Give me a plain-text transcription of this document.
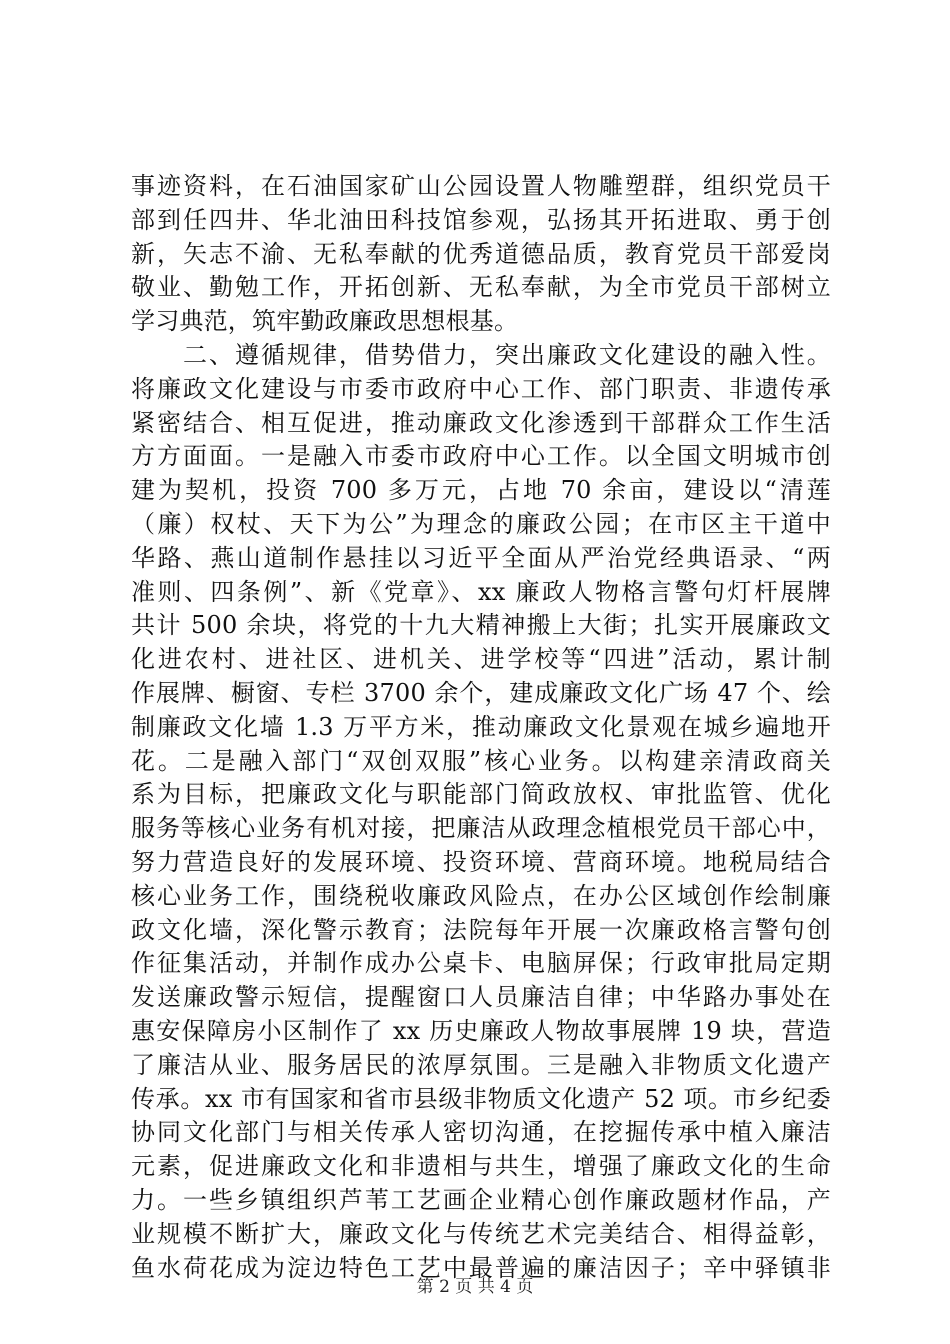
事迹资料，在石油国家矿山公园设置人物雕塑群，组织党员干
部到任四井、华北油田科技馆参观，弘扬其开拓进取、勇于创
新，矢志不渝、无私奉献的优秀道德品质，教育党员干部爱岗
敬业、勤勉工作，开拓创新、无私奉献，为全市党员干部树立
学习典范，筑牢勤政廉政思想根基。
　　二、遵循规律，借势借力，突出廉政文化建设的融入性。
将廉政文化建设与市委市政府中心工作、部门职责、非遗传承
紧密结合、相互促进，推动廉政文化渗透到干部群众工作生活
方方面面。一是融入市委市政府中心工作。以全国文明城市创
建为契机，投资 700 多万元，占地 70 余亩，建设以“清莲
（廉）权杖、天下为公”为理念的廉政公园；在市区主干道中
华路、燕山道制作悬挂以习近平全面从严治党经典语录、“两
准则、四条例”、新《党章》、xx 廉政人物格言警句灯杆展牌
共计 500 余块，将党的十九大精神搬上大街；扎实开展廉政文
化进农村、进社区、进机关、进学校等“四进”活动，累计制
作展牌、橱窗、专栏 3700 余个，建成廉政文化广场 47 个、绘
制廉政文化墙 1.3 万平方米，推动廉政文化景观在城乡遍地开
花。二是融入部门“双创双服”核心业务。以构建亲清政商关
系为目标，把廉政文化与职能部门简政放权、审批监管、优化
服务等核心业务有机对接，把廉洁从政理念植根党员干部心中，
努力营造良好的发展环境、投资环境、营商环境。地税局结合
核心业务工作，围绕税收廉政风险点，在办公区域创作绘制廉
政文化墙，深化警示教育；法院每年开展一次廉政格言警句创
作征集活动，并制作成办公桌卡、电脑屏保；行政审批局定期
发送廉政警示短信，提醒窗口人员廉洁自律；中华路办事处在
惠安保障房小区制作了 xx 历史廉政人物故事展牌 19 块，营造
了廉洁从业、服务居民的浓厚氛围。三是融入非物质文化遗产
传承。xx 市有国家和省市县级非物质文化遗产 52 项。市乡纪委
协同文化部门与相关传承人密切沟通，在挖掘传承中植入廉洁
元素，促进廉政文化和非遗相与共生，增强了廉政文化的生命
力。一些乡镇组织芦苇工艺画企业精心创作廉政题材作品，产
业规模不断扩大，廉政文化与传统艺术完美结合、相得益彰，
鱼水荷花成为淀边特色工艺中最普遍的廉洁因子；辛中驿镇非
第 2 页 共 4 页
